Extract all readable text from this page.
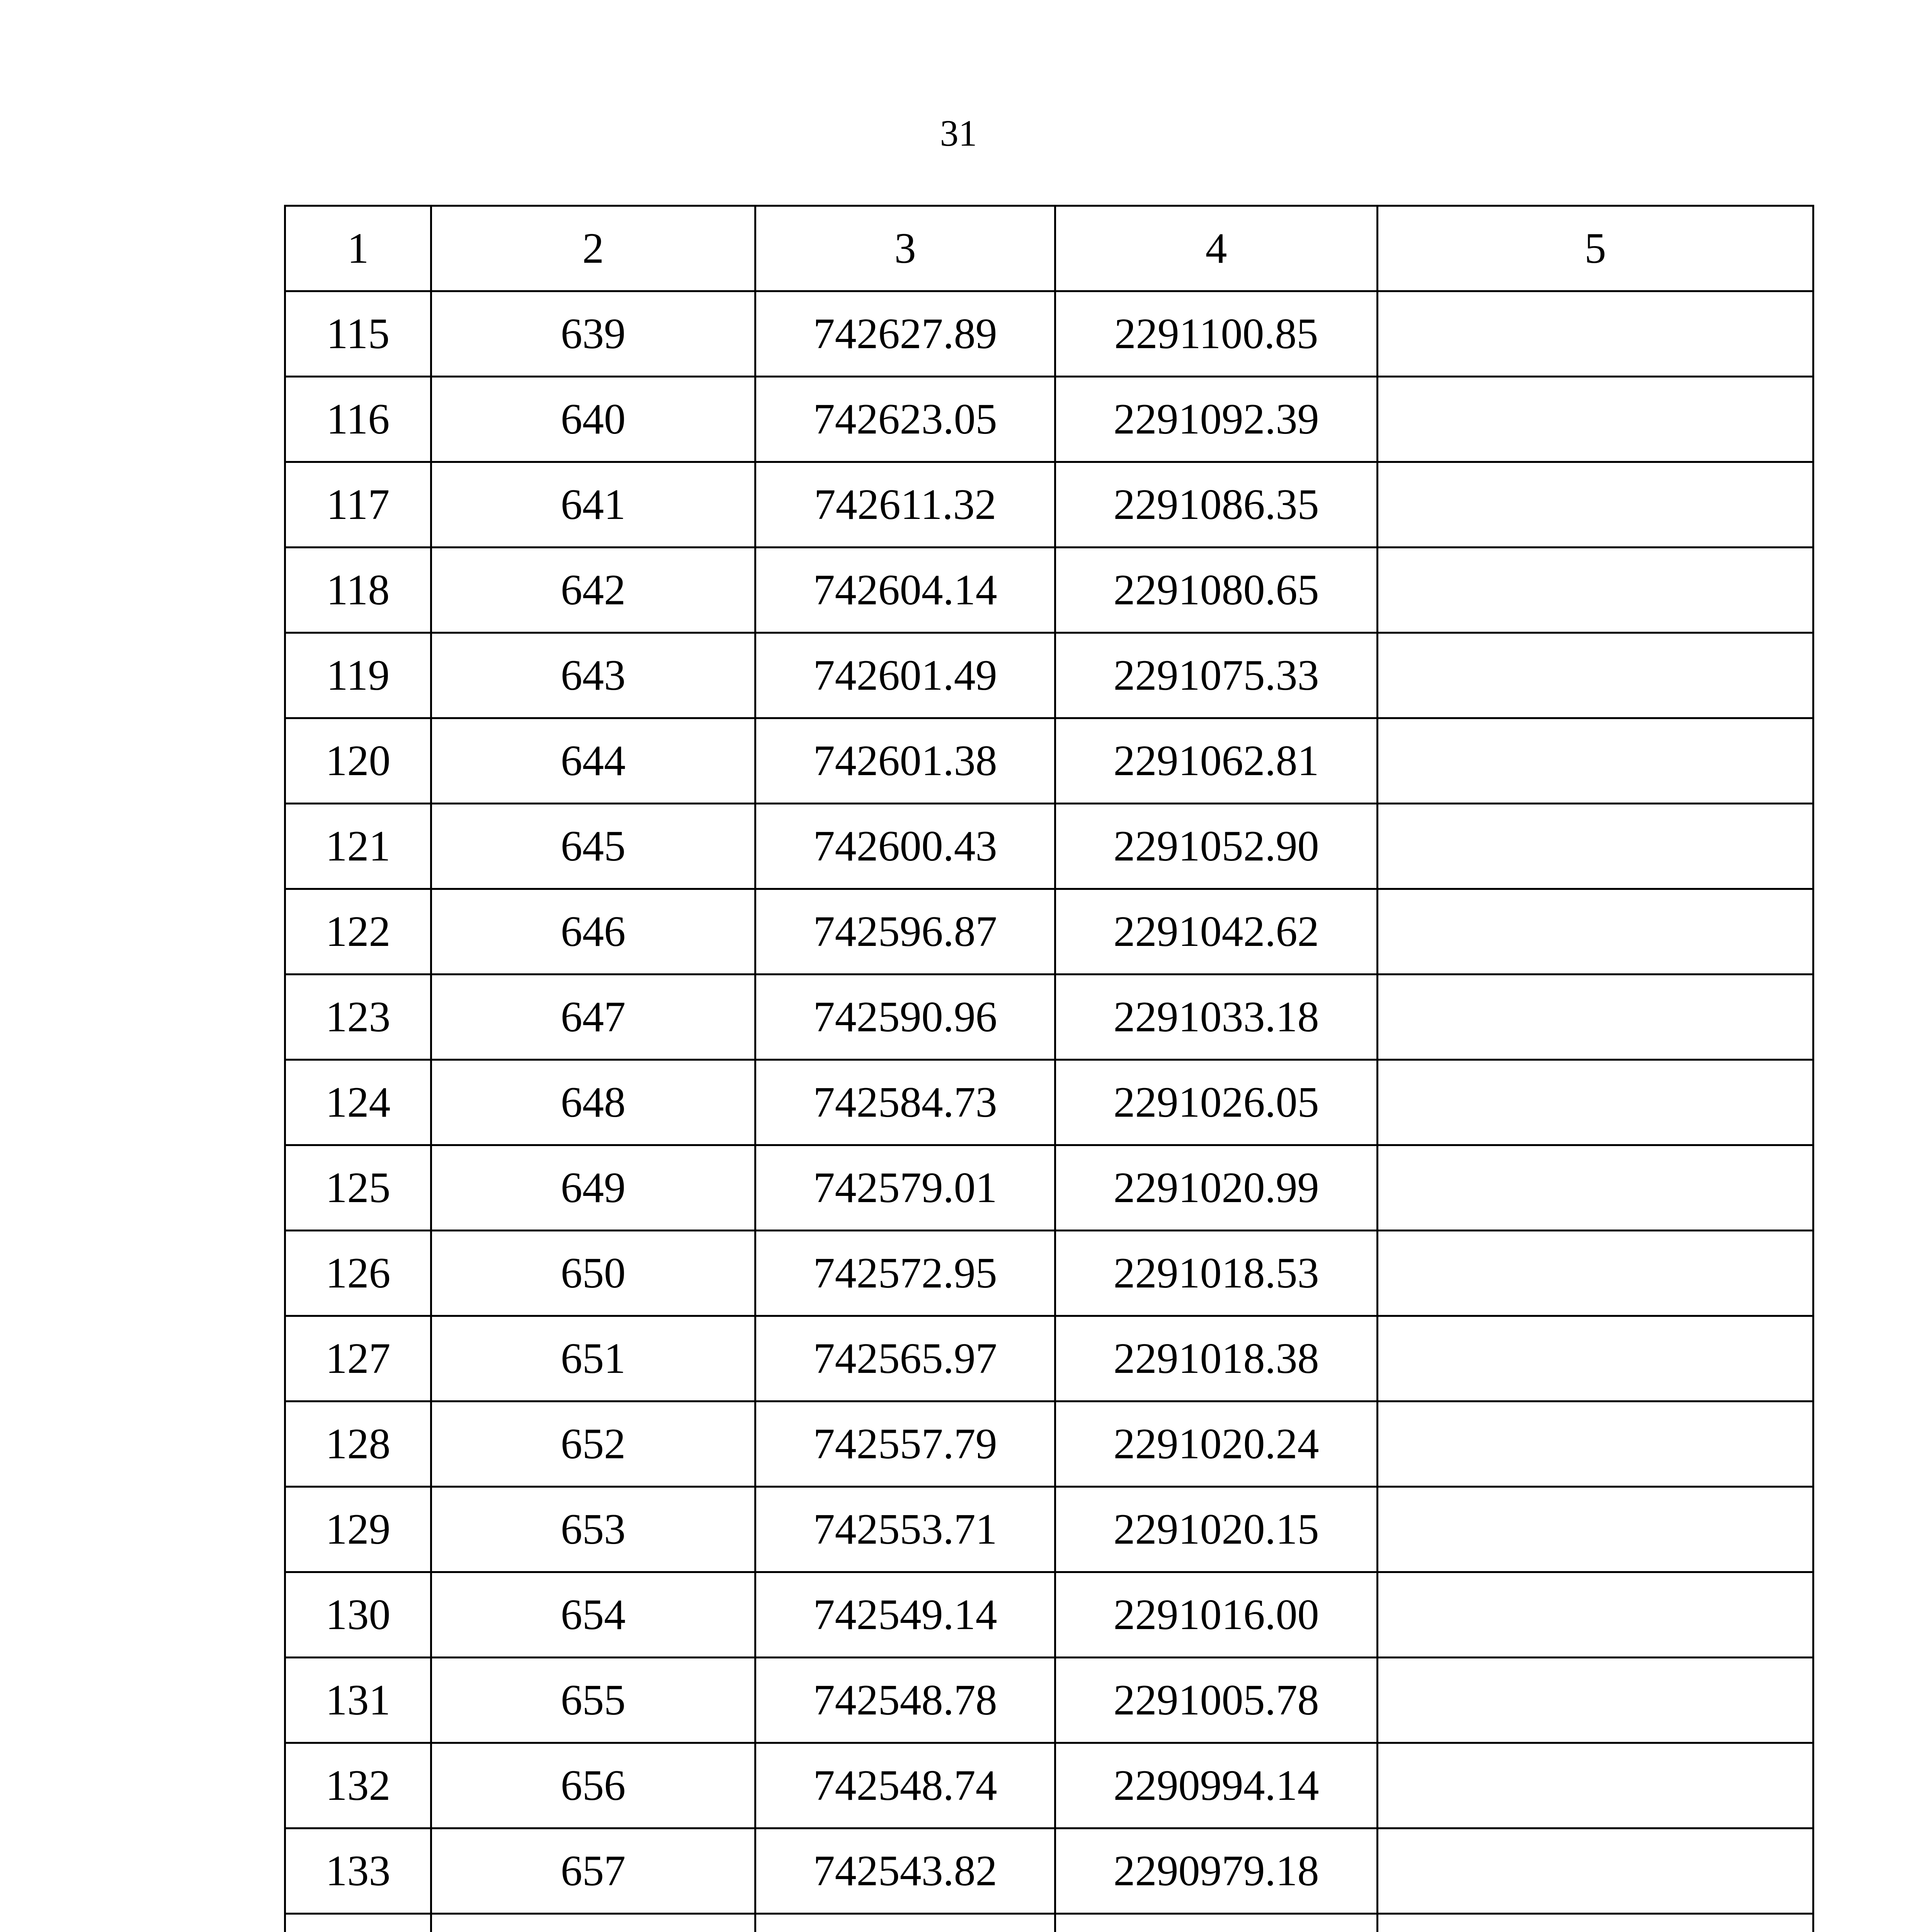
31
1	2	3	4	5
115	639	742627.89	2291100.85	
116	640	742623.05	2291092.39	
117	641	742611.32	2291086.35	
118	642	742604.14	2291080.65	
119	643	742601.49	2291075.33	
120	644	742601.38	2291062.81	
121	645	742600.43	2291052.90	
122	646	742596.87	2291042.62	
123	647	742590.96	2291033.18	
124	648	742584.73	2291026.05	
125	649	742579.01	2291020.99	
126	650	742572.95	2291018.53	
127	651	742565.97	2291018.38	
128	652	742557.79	2291020.24	
129	653	742553.71	2291020.15	
130	654	742549.14	2291016.00	
131	655	742548.78	2291005.78	
132	656	742548.74	2290994.14	
133	657	742543.82	2290979.18	
